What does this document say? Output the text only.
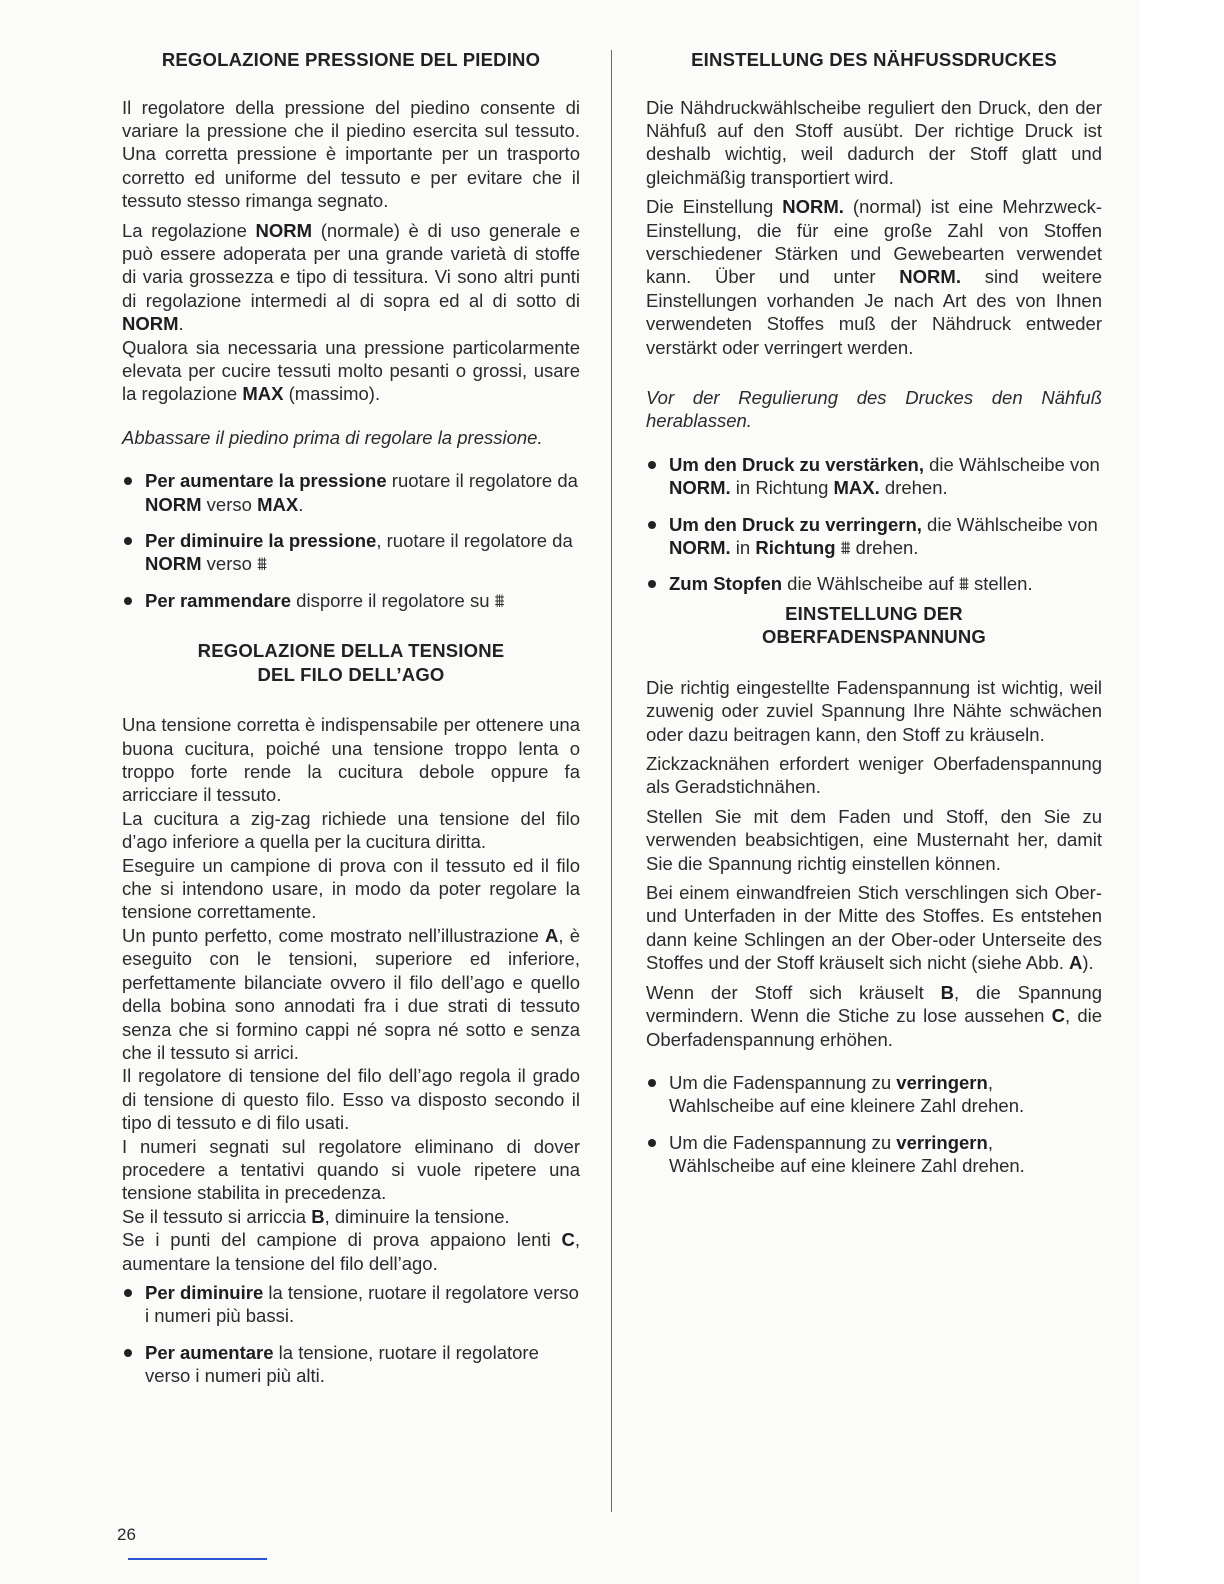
REGOLAZIONE PRESSIONE DEL PIEDINO

Il regolatore della pressione del piedino consente di variare la pressione che il piedino esercita sul tessuto. Una corretta pressione è importante per un trasporto corretto ed uniforme del tessuto e per evitare che il tessuto stesso rimanga segnato.

La regolazione NORM (normale) è di uso generale e può essere adoperata per una grande varietà di stoffe di varia grossezza e tipo di tessitura. Vi sono altri punti di regolazione intermedi al di sopra ed al di sotto di NORM.
Qualora sia necessaria una pressione particolarmente elevata per cucire tessuti molto pesanti o grossi, usare la regolazione MAX (massimo).

Abbassare il piedino prima di regolare la pressione.

Per aumentare la pressione ruotare il regolatore da NORM verso MAX.
Per diminuire la pressione, ruotare il regolatore da NORM verso ⩩
Per rammendare disporre il regolatore su ⩩
REGOLAZIONE DELLA TENSIONE
DEL FILO DELL’AGO

Una tensione corretta è indispensabile per ottenere una buona cucitura, poiché una tensione troppo lenta o troppo forte rende la cucitura debole oppure fa arricciare il tessuto.

La cucitura a zig-zag richiede una tensione del filo d’ago inferiore a quella per la cucitura diritta.

Eseguire un campione di prova con il tessuto ed il filo che si intendono usare, in modo da poter regolare la tensione correttamente.

Un punto perfetto, come mostrato nell’illustrazione A, è eseguito con le tensioni, superiore ed inferiore, perfettamente bilanciate ovvero il filo dell’ago e quello della bobina sono annodati fra i due strati di tessuto senza che si formino cappi né sopra né sotto e senza che il tessuto si arrici.

Il regolatore di tensione del filo dell’ago regola il grado di tensione di questo filo. Esso va disposto secondo il tipo di tessuto e di filo usati.

I numeri segnati sul regolatore eliminano di dover procedere a tentativi quando si vuole ripetere una tensione stabilita in precedenza.

Se il tessuto si arriccia B, diminuire la tensione.

Se i punti del campione di prova appaiono lenti C, aumentare la tensione del filo dell’ago.

Per diminuire la tensione, ruotare il regolatore verso i numeri più bassi.
Per aumentare la tensione, ruotare il regolatore verso i numeri più alti.
EINSTELLUNG DES NÄHFUSSDRUCKES

Die Nähdruckwählscheibe reguliert den Druck, den der Nähfuß auf den Stoff ausübt. Der richtige Druck ist deshalb wichtig, weil dadurch der Stoff glatt und gleichmäßig transportiert wird.

Die Einstellung NORM. (normal) ist eine Mehrzweck-Einstellung, die für eine große Zahl von Stoffen verschiedener Stärken und Gewebearten verwendet kann. Über und unter NORM. sind weitere Einstellungen vorhanden Je nach Art des von Ihnen verwendeten Stoffes muß der Nähdruck entweder verstärkt oder verringert werden.

Vor der Regulierung des Druckes den Nähfuß herablassen.

Um den Druck zu verstärken, die Wählscheibe von NORM. in Richtung MAX. drehen.
Um den Druck zu verringern, die Wählscheibe von NORM. in Richtung ⩩ drehen.
Zum Stopfen die Wählscheibe auf ⩩ stellen.
EINSTELLUNG DER
OBERFADENSPANNUNG

Die richtig eingestellte Fadenspannung ist wichtig, weil zuwenig oder zuviel Spannung Ihre Nähte schwächen oder dazu beitragen kann, den Stoff zu kräuseln.

Zickzacknähen erfordert weniger Oberfadenspannung als Geradstichnähen.

Stellen Sie mit dem Faden und Stoff, den Sie zu verwenden beabsichtigen, eine Musternaht her, damit Sie die Spannung richtig einstellen können.

Bei einem einwandfreien Stich verschlingen sich Ober-und Unterfaden in der Mitte des Stoffes. Es entstehen dann keine Schlingen an der Ober-oder Unterseite des Stoffes und der Stoff kräuselt sich nicht (siehe Abb. A).

Wenn der Stoff sich kräuselt B, die Spannung vermindern. Wenn die Stiche zu lose aussehen C, die Oberfadenspannung erhöhen.

Um die Fadenspannung zu verringern, Wahlscheibe auf eine kleinere Zahl drehen.
Um die Fadenspannung zu verringern, Wählscheibe auf eine kleinere Zahl drehen.
26
